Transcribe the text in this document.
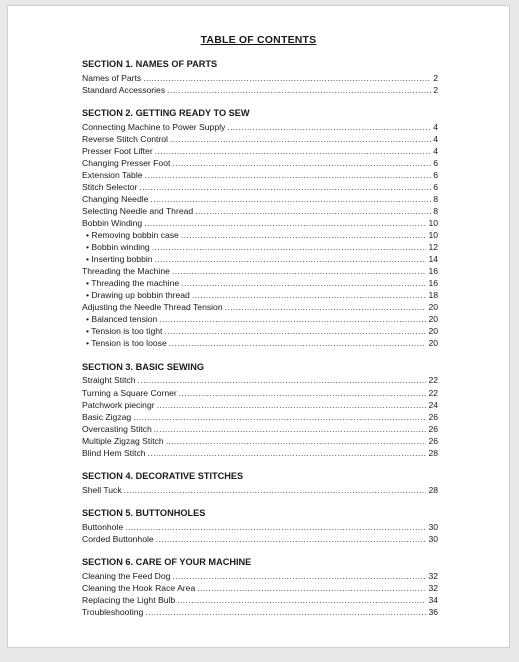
TABLE OF CONTENTS
SECTION 1. NAMES OF PARTS
Names of Parts .....	2
Standard Accessories .....	2
SECTION 2. GETTING READY TO SEW
Connecting Machine to Power Supply .....	4
Reverse Stitch Control .....	4
Presser Foot Lifter .....	4
Changing Presser Foot .....	6
Extension Table .....	6
Stitch Selector .....	6
Changing Needle .....	8
Selecting Needle and Thread .....	8
Bobbin Winding .....	10
• Removing bobbin case .....	10
• Bobbin winding .....	12
• Inserting bobbin .....	14
Threading the Machine .....	16
• Threading the machine .....	16
• Drawing up bobbin thread .....	18
Adjusting the Needle Thread Tension .....	20
• Balanced tension .....	20
• Tension is too tight .....	20
• Tension is too loose .....	20
SECTION 3. BASIC SEWING
Straight Stitch .....	22
Turning a Square Corner .....	22
Patchwork piecingr .....	24
Basic Zigzag .....	26
Overcasting Stitch .....	26
Multiple Zigzag Stitch .....	26
Blind Hem Stitch .....	28
SECTION 4. DECORATIVE STITCHES
Shell Tuck .....	28
SECTION 5. BUTTONHOLES
Buttonhole .....	30
Corded Buttonhole .....	30
SECTION 6. CARE OF YOUR MACHINE
Cleaning the Feed Dog .....	32
Cleaning the Hook Race Area .....	32
Replacing the Light Bulb .....	34
Troubleshooting .....	36
